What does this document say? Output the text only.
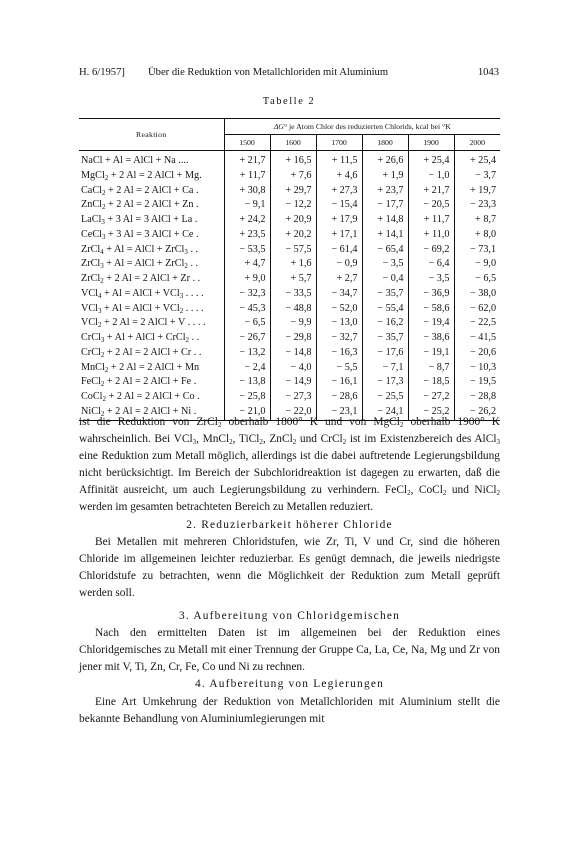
H. 6/1957] Über die Reduktion von Metallchloriden mit Aluminium	1043
Tabelle 2
Reaktion	ΔG° je Atom Chlor des reduzierten Chlorids, kcal bei °K					
	1500	1600	1700	1800	1900	2000
NaCl + Al = AlCl + Na ....	+ 21,7	+ 16,5	+ 11,5	+ 26,6	+ 25,4	+ 25,4
MgCl$_2$ + 2 Al = 2 AlCl + Mg.	+ 11,7	+ 7,6	+ 4,6	+ 1,9	− 1,0	− 3,7
CaCl$_2$ + 2 Al = 2 AlCl + Ca .	+ 30,8	+ 29,7	+ 27,3	+ 23,7	+ 21,7	+ 19,7
ZnCl$_2$ + 2 Al = 2 AlCl + Zn .	− 9,1	− 12,2	− 15,4	− 17,7	− 20,5	− 23,3
LaCl$_3$ + 3 Al = 3 AlCl + La .	+ 24,2	+ 20,9	+ 17,9	+ 14,8	+ 11,7	+ 8,7
CeCl$_3$ + 3 Al = 3 AlCl + Ce .	+ 23,5	+ 20,2	+ 17,1	+ 14,1	+ 11,0	+ 8,0
ZrCl$_4$ + Al = AlCl + ZrCl$_3$ . .	− 53,5	− 57,5	− 61,4	− 65,4	− 69,2	− 73,1
ZrCl$_3$ + Al = AlCl + ZrCl$_2$ . .	+ 4,7	+ 1,6	− 0,9	− 3,5	− 6,4	− 9,0
ZrCl$_2$ + 2 Al = 2 AlCl + Zr . .	+ 9,0	+ 5,7	+ 2,7	− 0,4	− 3,5	− 6,5
VCl$_4$ + Al = AlCl + VCl$_3$ . . . .	− 32,3	− 33,5	− 34,7	− 35,7	− 36,9	− 38,0
VCl$_3$ + Al = AlCl + VCl$_2$ . . . .	− 45,3	− 48,8	− 52,0	− 55,4	− 58,6	− 62,0
VCl$_2$ + 2 Al = 2 AlCl + V . . . .	− 6,5	− 9,9	− 13,0	− 16,2	− 19,4	− 22,5
CrCl$_3$ + Al + AlCl + CrCl$_2$ . .	− 26,7	− 29,8	− 32,7	− 35,7	− 38,6	− 41,5
CrCl$_2$ + 2 Al = 2 AlCl + Cr . .	− 13,2	− 14,8	− 16,3	− 17,6	− 19,1	− 20,6
MnCl$_2$ + 2 Al = 2 AlCl + Mn	− 2,4	− 4,0	− 5,5	− 7,1	− 8,7	− 10,3
FeCl$_2$ + 2 Al = 2 AlCl + Fe .	− 13,8	− 14,9	− 16,1	− 17,3	− 18,5	− 19,5
CoCl$_2$ + 2 Al = 2 AlCl + Co .	− 25,8	− 27,3	− 28,6	− 25,5	− 27,2	− 28,8
NiCl$_2$ + 2 Al = 2 AlCl + Ni .	− 21,0	− 22,0	− 23,1	− 24,1	− 25,2	− 26,2

ist die Reduktion von ZrCl$_2$ oberhalb 1800° K und von MgCl$_2$ oberhalb 1900° K wahrscheinlich. Bei VCl$_3$, MnCl$_2$, TiCl$_2$, ZnCl$_2$ und CrCl$_2$ ist im Existenzbereich des AlCl$_3$ eine Reduktion zum Metall möglich, allerdings ist die dabei auftretende Legierungsbildung nicht berücksichtigt. Im Bereich der Subchloridreaktion ist dagegen zu erwarten, daß die Affinität ausreicht, um auch Legierungsbildung zu verhindern. FeCl$_2$, CoCl$_2$ und NiCl$_2$ werden im gesamten betrachteten Bereich zu Metallen reduziert.

2. Reduzierbarkeit höherer Chloride

Bei Metallen mit mehreren Chloridstufen, wie Zr, Ti, V und Cr, sind die höheren Chloride im allgemeinen leichter reduzierbar. Es genügt demnach, die jeweils niedrigste Chloridstufe zu betrachten, wenn die Möglichkeit der Reduktion zum Metall geprüft werden soll.

3. Aufbereitung von Chloridgemischen

Nach den ermittelten Daten ist im allgemeinen bei der Reduktion eines Chloridgemisches zu Metall mit einer Trennung der Gruppe Ca, La, Ce, Na, Mg und Zr von jener mit V, Ti, Zn, Cr, Fe, Co und Ni zu rechnen.

4. Aufbereitung von Legierungen

Eine Art Umkehrung der Reduktion von Metallchloriden mit Aluminium stellt die bekannte Behandlung von Aluminiumlegierungen mit
